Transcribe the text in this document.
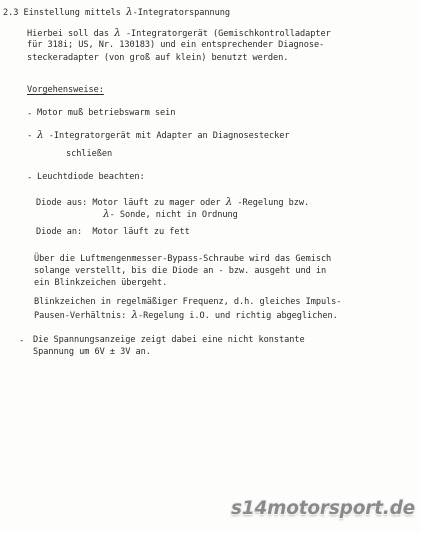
2.3 Einstellung mittels λ-Integratorspannung
Hierbei soll das λ -Integratorgerät (Gemischkontrolladapter
für 318i; US, Nr. 130183) und ein entsprechender Diagnose-
steckeradapter (von groß auf klein) benutzt werden.
Vorgehensweise:
- Motor muß betriebswarm sein
- λ -Integratorgerät mit Adapter an Diagnosestecker
schließen
- Leuchtdiode beachten:
Diode aus: Motor läuft zu mager oder λ -Regelung bzw.
λ- Sonde, nicht in Ordnung
Diode an:  Motor läuft zu fett
Über die Luftmengenmesser-Bypass-Schraube wird das Gemisch
solange verstellt, bis die Diode an - bzw. ausgeht und in
ein Blinkzeichen übergeht.
Blinkzeichen in regelmäßiger Frequenz, d.h. gleiches Impuls-
Pausen-Verhältnis: λ-Regelung i.O. und richtig abgeglichen.
- Die Spannungsanzeige zeigt dabei eine nicht konstante
Spannung um 6V ± 3V an.
s14motorsport.de
